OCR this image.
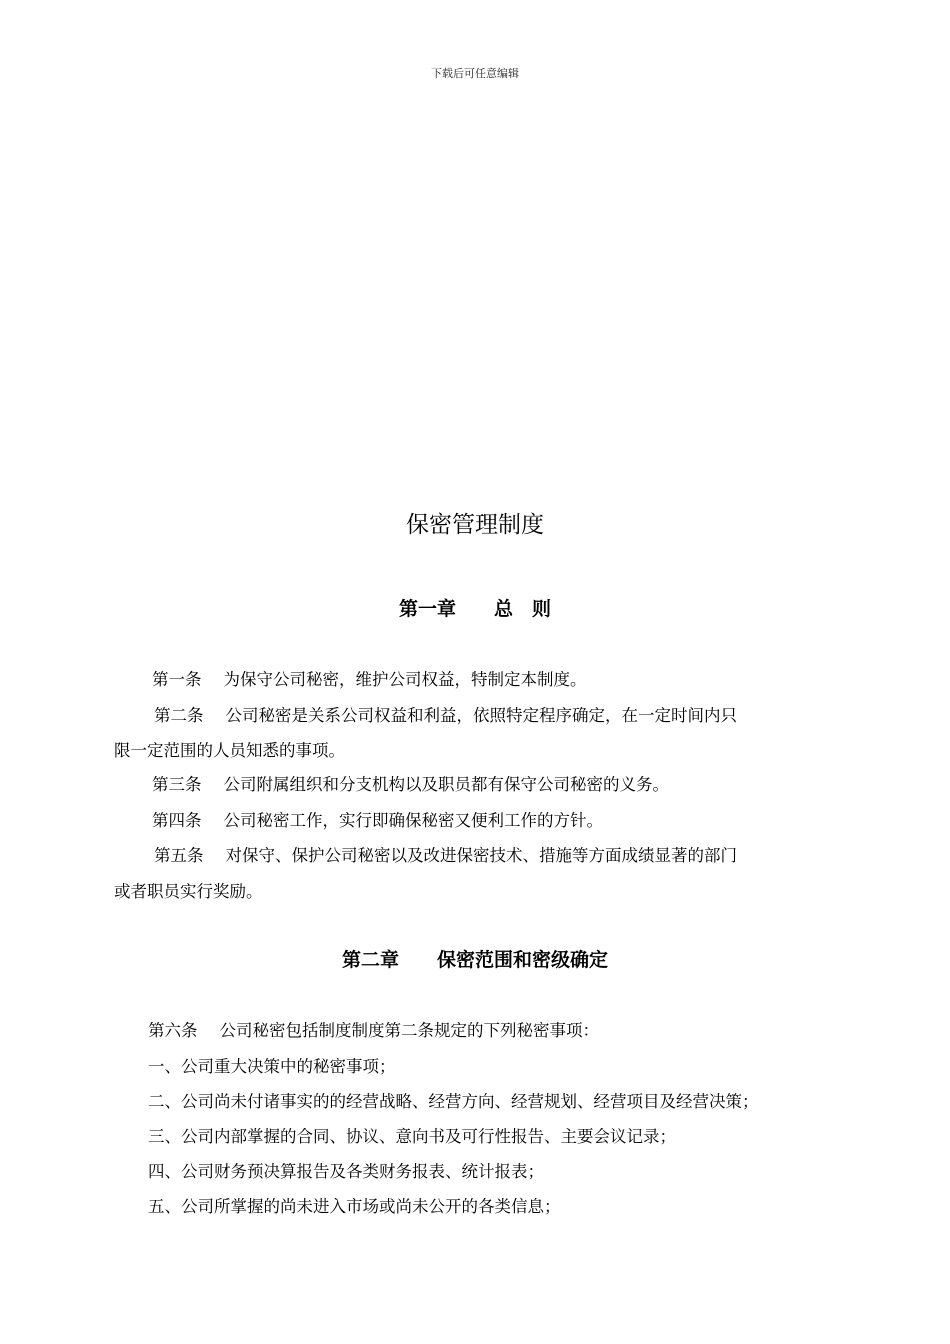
下载后可任意编辑
保密管理制度
第一章　　总　则

第一条 为保守公司秘密，维护公司权益，特制定本制度。

第二条 公司秘密是关系公司权益和利益，依照特定程序确定，在一定时间内只

限一定范围的人员知悉的事项。

第三条 公司附属组织和分支机构以及职员都有保守公司秘密的义务。

第四条 公司秘密工作，实行即确保秘密又便利工作的方针。

第五条 对保守、保护公司秘密以及改进保密技术、措施等方面成绩显著的部门

或者职员实行奖励。

第二章　　保密范围和密级确定

第六条 公司秘密包括制度制度第二条规定的下列秘密事项：

一、公司重大决策中的秘密事项；

二、公司尚未付诸事实的的经营战略、经营方向、经营规划、经营项目及经营决策；

三、公司内部掌握的合同、协议、意向书及可行性报告、主要会议记录；

四、公司财务预决算报告及各类财务报表、统计报表；

五、公司所掌握的尚未进入市场或尚未公开的各类信息；
